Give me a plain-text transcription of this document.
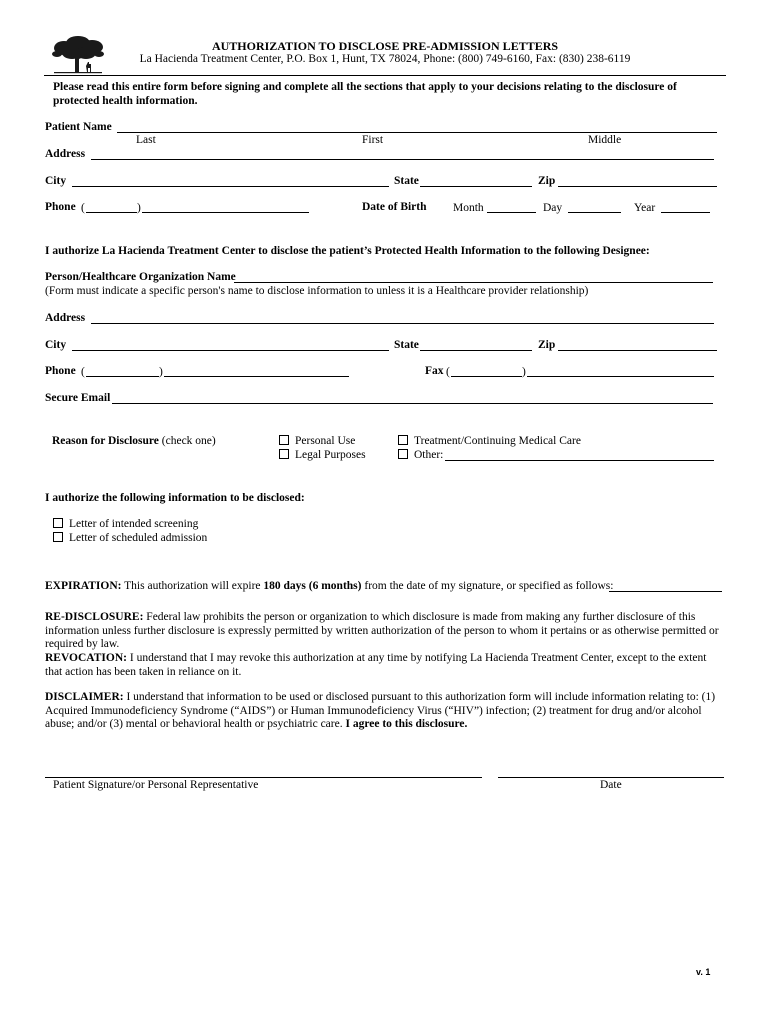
AUTHORIZATION TO DISCLOSE PRE-ADMISSION LETTERS
La Hacienda Treatment Center, P.O. Box 1, Hunt, TX 78024, Phone: (800) 749-6160, Fax: (830) 238-6119
Please read this entire form before signing and complete all the sections that apply to your decisions relating to the disclosure of protected health information.
Patient Name
Last	First	Middle
Address
City	State	Zip
Phone (	)	Date of Birth Month	Day	Year
I authorize La Hacienda Treatment Center to disclose the patient’s Protected Health Information to the following Designee:
Person/Healthcare Organization Name
(Form must indicate a specific person's name to disclose information to unless it is a Healthcare provider relationship)
Address
City	State	Zip
Phone (	)	Fax (	)
Secure Email
Reason for Disclosure (check one)	Personal Use
Legal Purposes
Treatment/Continuing Medical Care
Other:
I authorize the following information to be disclosed:
Letter of intended screening
Letter of scheduled admission
EXPIRATION: This authorization will expire 180 days (6 months) from the date of my signature, or specified as follows:
RE-DISCLOSURE: Federal law prohibits the person or organization to which disclosure is made from making any further disclosure of this information unless further disclosure is expressly permitted by written authorization of the person to whom it pertains or as otherwise permitted or required by law.
REVOCATION: I understand that I may revoke this authorization at any time by notifying La Hacienda Treatment Center, except to the extent that action has been taken in reliance on it.
DISCLAIMER: I understand that information to be used or disclosed pursuant to this authorization form will include information relating to: (1) Acquired Immunodeficiency Syndrome (“AIDS”) or Human Immunodeficiency Virus (“HIV”) infection; (2) treatment for drug and/or alcohol abuse; and/or (3) mental or behavioral health or psychiatric care. I agree to this disclosure.
Patient Signature/or Personal Representative	Date
v. 1
